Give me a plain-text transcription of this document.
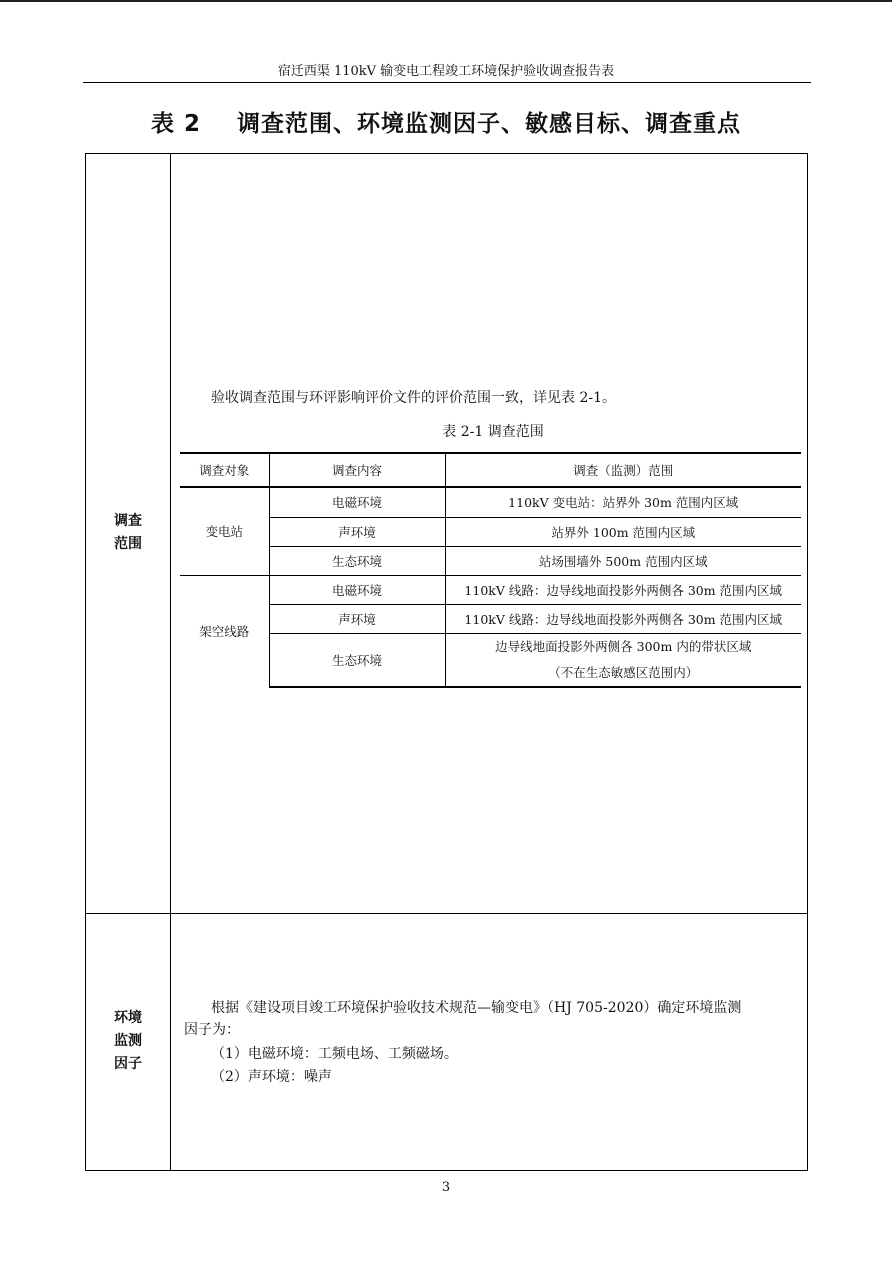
宿迁西渠 110kV 输变电工程竣工环境保护验收调查报告表
表 2    调查范围、环境监测因子、敏感目标、调查重点
调查
范围
验收调查范围与环评影响评价文件的评价范围一致，详见表 2-1。
表 2-1 调查范围
调查对象	调查内容	调查（监测）范围
变电站	电磁环境	110kV 变电站：站界外 30m 范围内区域
	声环境	站界外 100m 范围内区域
	生态环境	站场围墙外 500m 范围内区域
架空线路	电磁环境	110kV 线路：边导线地面投影外两侧各 30m 范围内区域
	声环境	110kV 线路：边导线地面投影外两侧各 30m 范围内区域
	生态环境	边导线地面投影外两侧各 300m 内的带状区域
（不在生态敏感区范围内）
环境
监测
因子
根据《建设项目竣工环境保护验收技术规范—输变电》（HJ 705-2020）确定环境监测
因子为：
（1）电磁环境：工频电场、工频磁场。
（2）声环境：噪声
3
